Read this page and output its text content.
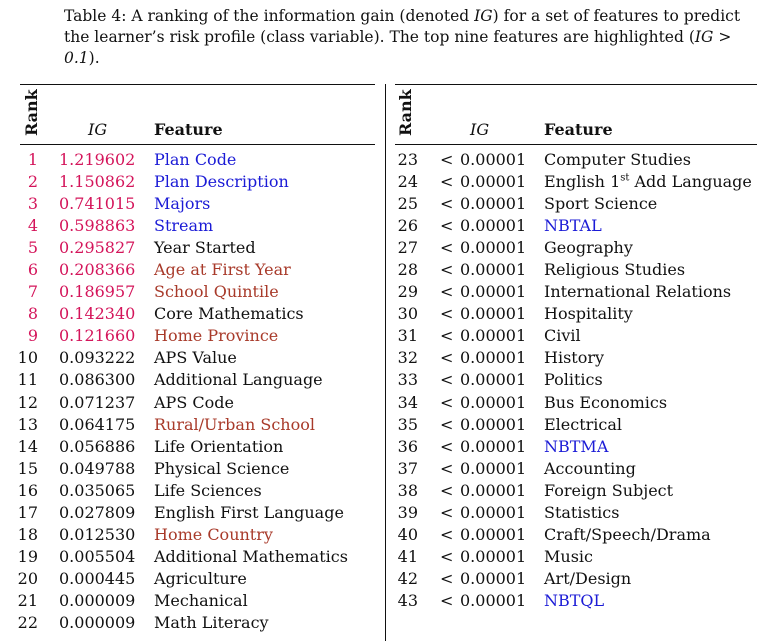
Table 4: A ranking of the information gain (denoted IG) for a set of features to predict the learner’s risk profile (class variable). The top nine features are highlighted (IG > 0.1).
Rank	IG	Feature	Rank	IG	Feature
1 1.219602 Plan Code
2 1.150862 Plan Description
3 0.741015 Majors
4 0.598863 Stream
5 0.295827 Year Started
6 0.208366 Age at First Year
7 0.186957 School Quintile
8 0.142340 Core Mathematics
9 0.121660 Home Province
10 0.093222 APS Value
11 0.086300 Additional Language
12 0.071237 APS Code
13 0.064175 Rural/Urban School
14 0.056886 Life Orientation
15 0.049788 Physical Science
16 0.035065 Life Sciences
17 0.027809 English First Language
18 0.012530 Home Country
19 0.005504 Additional Mathematics
20 0.000445 Agriculture
21 0.000009 Mechanical
22 0.000009 Math Literacy
23 < 0.00001 Computer Studies
24 < 0.00001 English 1st Add Language
25 < 0.00001 Sport Science
26 < 0.00001 NBTAL
27 < 0.00001 Geography
28 < 0.00001 Religious Studies
29 < 0.00001 International Relations
30 < 0.00001 Hospitality
31 < 0.00001 Civil
32 < 0.00001 History
33 < 0.00001 Politics
34 < 0.00001 Bus Economics
35 < 0.00001 Electrical
36 < 0.00001 NBTMA
37 < 0.00001 Accounting
38 < 0.00001 Foreign Subject
39 < 0.00001 Statistics
40 < 0.00001 Craft/Speech/Drama
41 < 0.00001 Music
42 < 0.00001 Art/Design
43 < 0.00001 NBTQL
